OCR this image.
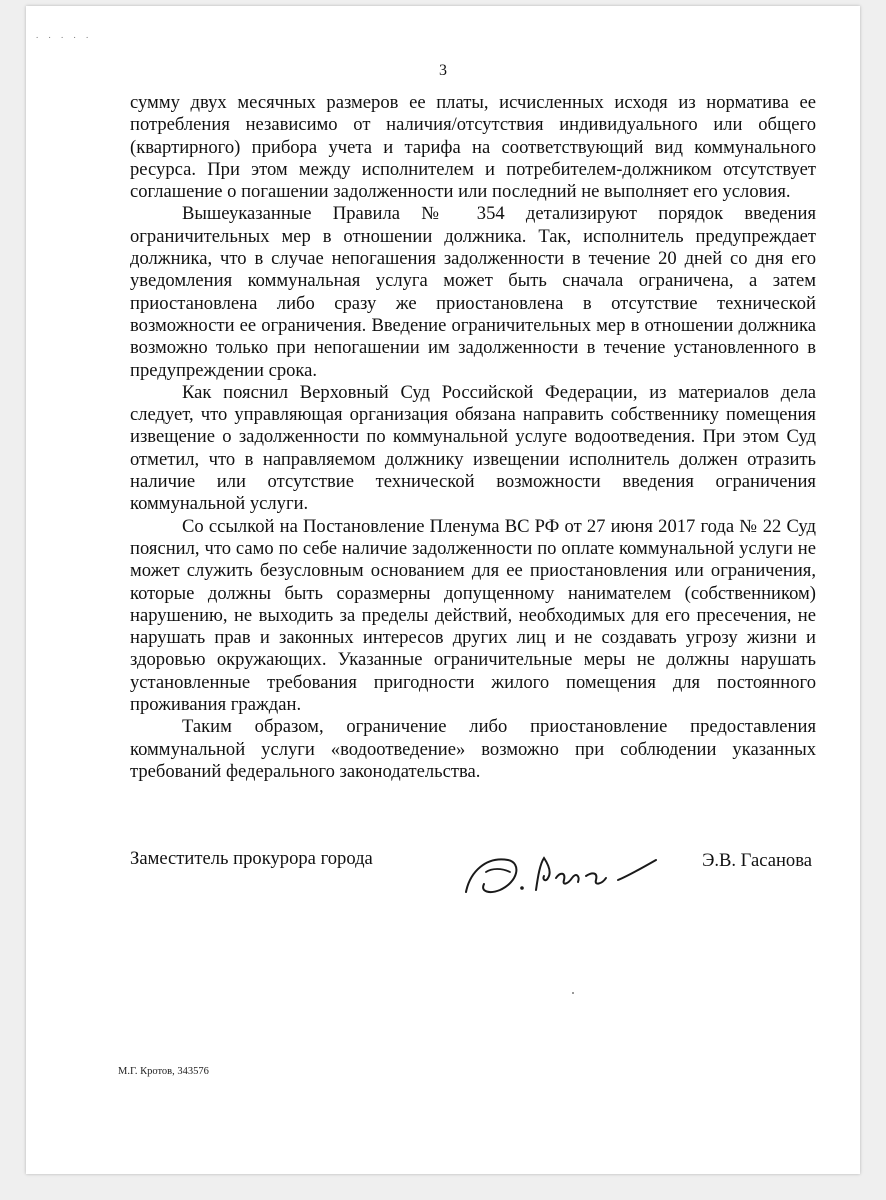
. . . . .
3

сумму двух месячных размеров ее платы, исчисленных исходя из норматива ее потребления независимо от наличия/отсутствия индивидуального или общего (квартирного) прибора учета и тарифа на соответствующий вид коммунального ресурса. При этом между исполнителем и потребителем-должником отсутствует соглашение о погашении задолженности или последний не выполняет его условия.

Вышеуказанные Правила № 354 детализируют порядок введения ограничительных мер в отношении должника. Так, исполнитель предупреждает должника, что в случае непогашения задолженности в течение 20 дней со дня его уведомления коммунальная услуга может быть сначала ограничена, а затем приостановлена либо сразу же приостановлена в отсутствие технической возможности ее ограничения. Введение ограничительных мер в отношении должника возможно только при непогашении им задолженности в течение установленного в предупреждении срока.

Как пояснил Верховный Суд Российской Федерации, из материалов дела следует, что управляющая организация обязана направить собственнику помещения извещение о задолженности по коммунальной услуге водоотведения. При этом Суд отметил, что в направляемом должнику извещении исполнитель должен отразить наличие или отсутствие технической возможности введения ограничения коммунальной услуги.

Со ссылкой на Постановление Пленума ВС РФ от 27 июня 2017 года № 22 Суд пояснил, что само по себе наличие задолженности по оплате коммунальной услуги не может служить безусловным основанием для ее приостановления или ограничения, которые должны быть соразмерны допущенному нанимателем (собственником) нарушению, не выходить за пределы действий, необходимых для его пресечения, не нарушать прав и законных интересов других лиц и не создавать угрозу жизни и здоровью окружающих. Указанные ограничительные меры не должны нарушать установленные требования пригодности жилого помещения для постоянного проживания граждан.

Таким образом, ограничение либо приостановление предоставления коммунальной услуги «водоотведение» возможно при соблюдении указанных требований федерального законодательства.

Заместитель прокурора города	Э.В. Гасанова
М.Г. Кротов, 343576
